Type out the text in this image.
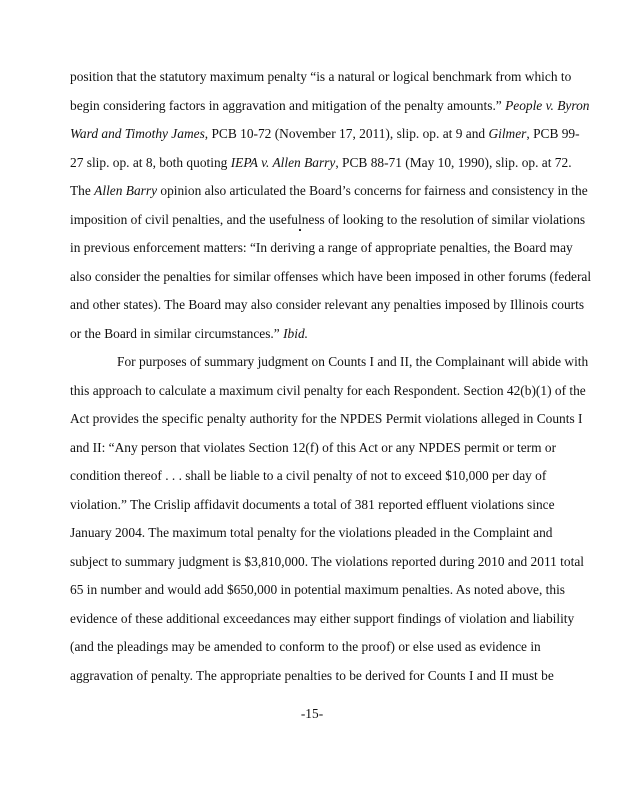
position that the statutory maximum penalty “is a natural or logical benchmark from which to
begin considering factors in aggravation and mitigation of the penalty amounts.” People v. Byron
Ward and Timothy James, PCB 10-72 (November 17, 2011), slip. op. at 9 and Gilmer, PCB 99-
27 slip. op. at 8, both quoting IEPA v. Allen Barry, PCB 88-71 (May 10, 1990), slip. op. at 72.
The Allen Barry opinion also articulated the Board’s concerns for fairness and consistency in the
imposition of civil penalties, and the usefulness of looking to the resolution of similar violations
in previous enforcement matters: “In deriving a range of appropriate penalties, the Board may
also consider the penalties for similar offenses which have been imposed in other forums (federal
and other states). The Board may also consider relevant any penalties imposed by Illinois courts
or the Board in similar circumstances.” Ibid.
For purposes of summary judgment on Counts I and II, the Complainant will abide with
this approach to calculate a maximum civil penalty for each Respondent. Section 42(b)(1) of the
Act provides the specific penalty authority for the NPDES Permit violations alleged in Counts I
and II: “Any person that violates Section 12(f) of this Act or any NPDES permit or term or
condition thereof . . . shall be liable to a civil penalty of not to exceed $10,000 per day of
violation.” The Crislip affidavit documents a total of 381 reported effluent violations since
January 2004. The maximum total penalty for the violations pleaded in the Complaint and
subject to summary judgment is $3,810,000. The violations reported during 2010 and 2011 total
65 in number and would add $650,000 in potential maximum penalties. As noted above, this
evidence of these additional exceedances may either support findings of violation and liability
(and the pleadings may be amended to conform to the proof) or else used as evidence in
aggravation of penalty. The appropriate penalties to be derived for Counts I and II must be
-15-
